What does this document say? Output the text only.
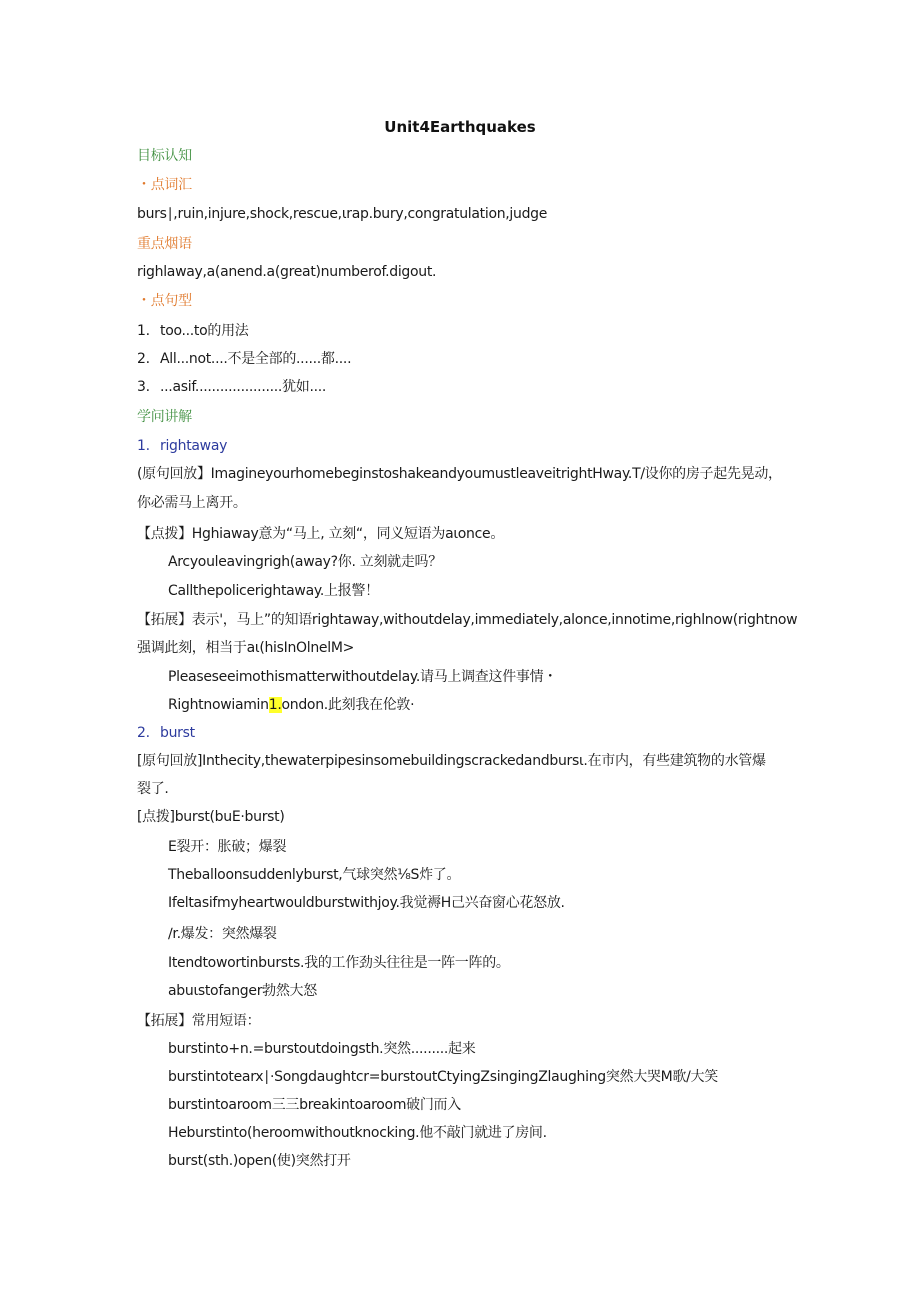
Unit4Earthquakes
目标认知
・点词汇
burs∣,ruin,injure,shock,rescue,ιrap.bury,congratulation,judge
重点烟语
righlaway,a(anend.a(great)numberof.digout.
・点句型
1. too...to的用法
2. All...not....不是全部的......都....
3. ...asif.....................犹如....
学问讲解
1. rightaway
(原句回放】ImagineyourhomebeginstoshakeandyoumustleaveitrightHway.T/设你的房子起先晃动，
你必需马上离开。
【点拨】Hghiaway意为“马上, 立刻“，同义短语为aιonce。
Arcyouleavingrigh(away?你. 立刻就走吗？
Callthepolicerightaway.上报警！
【拓展】表示'，马上”的知语rightaway,withoutdelay,immediately,alonce,innotime,righlnow(rightnow
强调此刻，相当于aι(hisInOlnelM>
Pleaseseeimothismatterwithoutdelay.请马上调查这件事情・
Rightnowiamin1.ondon.此刻我在伦敦·
2. burst
[原句回放]Inthecity,thewaterpipesinsomebuildingscrackedandbursι.在市内，有些建筑物的水管爆
裂了.
[点拨]burst(buE·burst)
E裂开：胀破；爆裂
Theballoonsuddenlyburst,气球突然⅛S炸了。
Ifeltasifmyheartwouldburstwithjoy.我觉褥H己兴奋窗心花怒放.
∕r.爆发：突然爆裂
Itendtowortinbursts.我的工作劲头往往是一阵一阵的。
abuιstofanger勃然大怒
【拓展】常用短语：
burstinto+n.=burstoutdoingsth.突然.........起来
burstintotearx∣·Songdaughtcr=burstoutCtyingZsingingZlaughing突然大哭M歌/大笑
burstintoaroom三三breakintoaroom破门而入
Heburstinto(heroomwithoutknocking.他不敲门就进了房间.
burst(sth.)open(使)突然打开
